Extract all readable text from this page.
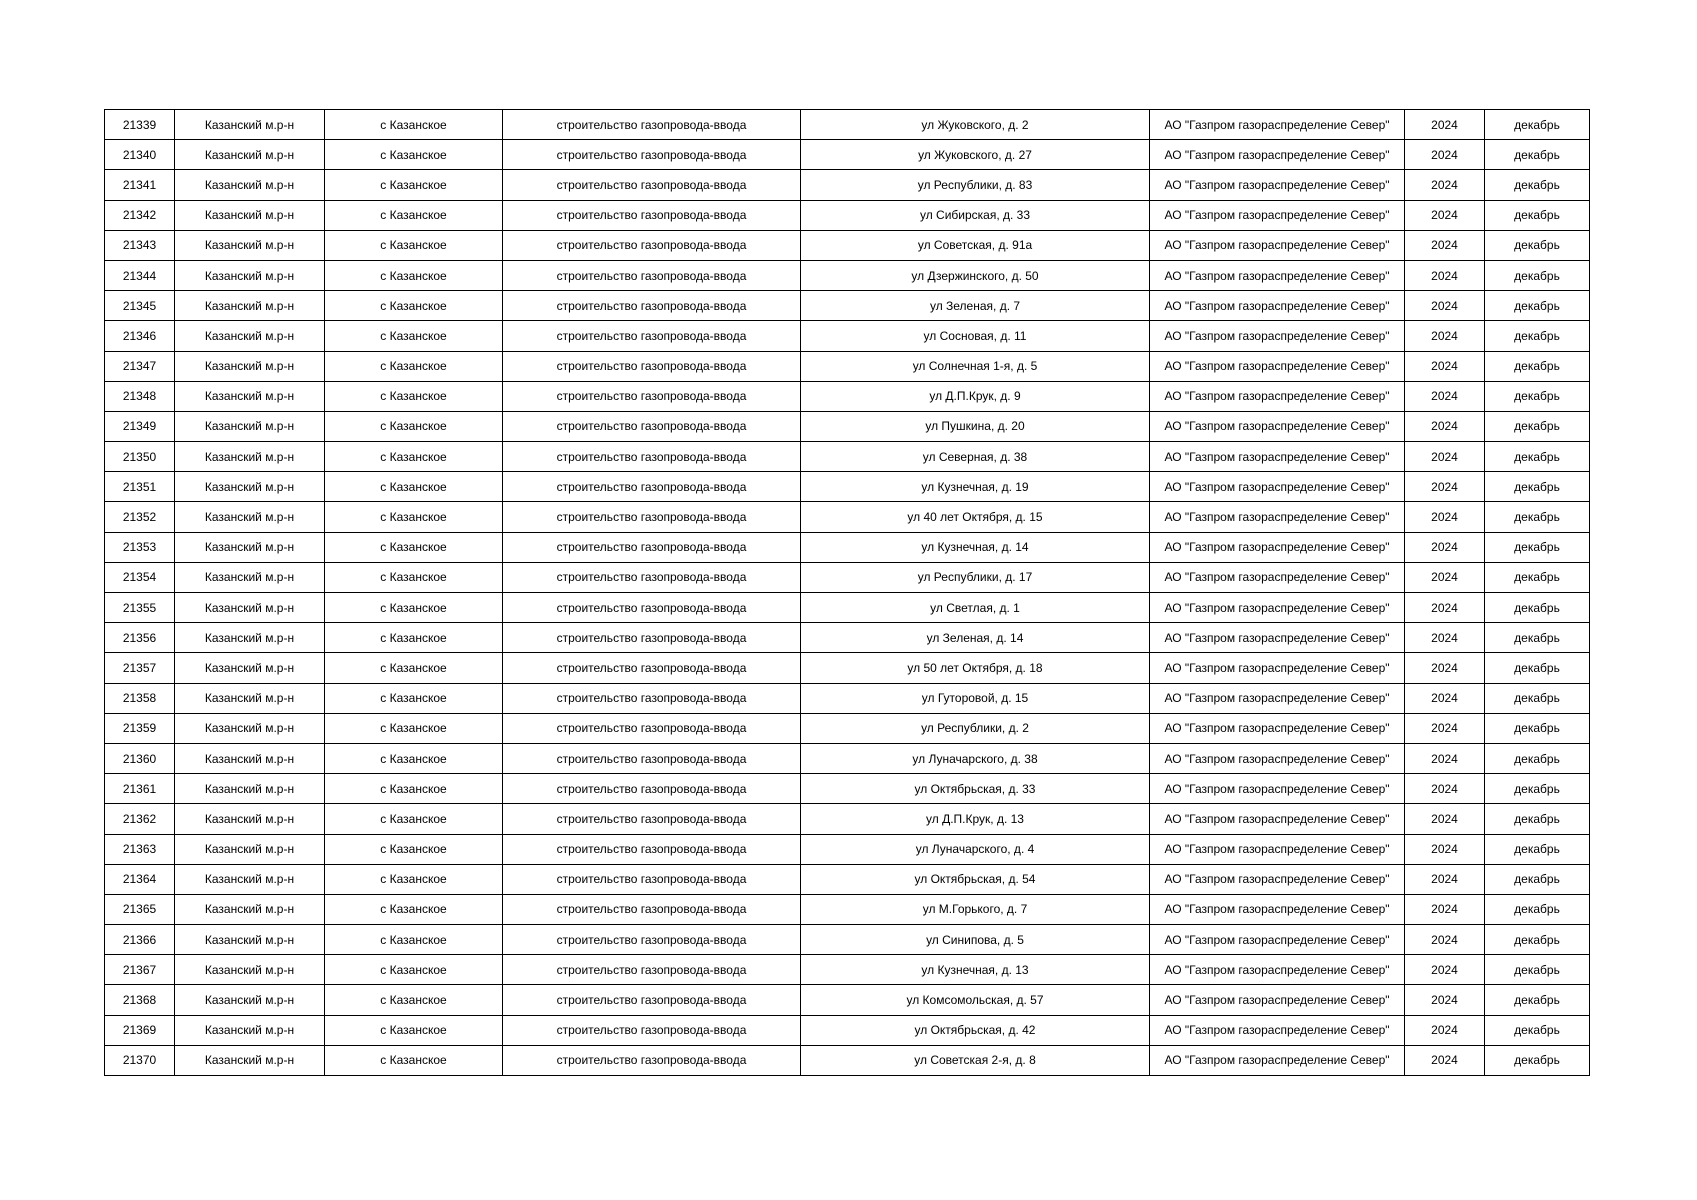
21339	Казанский м.р-н	с Казанское	строительство газопровода-ввода	ул Жуковского, д. 2	АО "Газпром газораспределение Север"	2024	декабрь
21340	Казанский м.р-н	с Казанское	строительство газопровода-ввода	ул Жуковского, д. 27	АО "Газпром газораспределение Север"	2024	декабрь
21341	Казанский м.р-н	с Казанское	строительство газопровода-ввода	ул Республики, д. 83	АО "Газпром газораспределение Север"	2024	декабрь
21342	Казанский м.р-н	с Казанское	строительство газопровода-ввода	ул Сибирская, д. 33	АО "Газпром газораспределение Север"	2024	декабрь
21343	Казанский м.р-н	с Казанское	строительство газопровода-ввода	ул Советская, д. 91а	АО "Газпром газораспределение Север"	2024	декабрь
21344	Казанский м.р-н	с Казанское	строительство газопровода-ввода	ул Дзержинского, д. 50	АО "Газпром газораспределение Север"	2024	декабрь
21345	Казанский м.р-н	с Казанское	строительство газопровода-ввода	ул Зеленая, д. 7	АО "Газпром газораспределение Север"	2024	декабрь
21346	Казанский м.р-н	с Казанское	строительство газопровода-ввода	ул Сосновая, д. 11	АО "Газпром газораспределение Север"	2024	декабрь
21347	Казанский м.р-н	с Казанское	строительство газопровода-ввода	ул Солнечная 1-я, д. 5	АО "Газпром газораспределение Север"	2024	декабрь
21348	Казанский м.р-н	с Казанское	строительство газопровода-ввода	ул Д.П.Крук, д. 9	АО "Газпром газораспределение Север"	2024	декабрь
21349	Казанский м.р-н	с Казанское	строительство газопровода-ввода	ул Пушкина, д. 20	АО "Газпром газораспределение Север"	2024	декабрь
21350	Казанский м.р-н	с Казанское	строительство газопровода-ввода	ул Северная, д. 38	АО "Газпром газораспределение Север"	2024	декабрь
21351	Казанский м.р-н	с Казанское	строительство газопровода-ввода	ул Кузнечная, д. 19	АО "Газпром газораспределение Север"	2024	декабрь
21352	Казанский м.р-н	с Казанское	строительство газопровода-ввода	ул 40 лет Октября, д. 15	АО "Газпром газораспределение Север"	2024	декабрь
21353	Казанский м.р-н	с Казанское	строительство газопровода-ввода	ул Кузнечная, д. 14	АО "Газпром газораспределение Север"	2024	декабрь
21354	Казанский м.р-н	с Казанское	строительство газопровода-ввода	ул Республики, д. 17	АО "Газпром газораспределение Север"	2024	декабрь
21355	Казанский м.р-н	с Казанское	строительство газопровода-ввода	ул Светлая, д. 1	АО "Газпром газораспределение Север"	2024	декабрь
21356	Казанский м.р-н	с Казанское	строительство газопровода-ввода	ул Зеленая, д. 14	АО "Газпром газораспределение Север"	2024	декабрь
21357	Казанский м.р-н	с Казанское	строительство газопровода-ввода	ул 50 лет Октября, д. 18	АО "Газпром газораспределение Север"	2024	декабрь
21358	Казанский м.р-н	с Казанское	строительство газопровода-ввода	ул Гуторовой, д. 15	АО "Газпром газораспределение Север"	2024	декабрь
21359	Казанский м.р-н	с Казанское	строительство газопровода-ввода	ул Республики, д. 2	АО "Газпром газораспределение Север"	2024	декабрь
21360	Казанский м.р-н	с Казанское	строительство газопровода-ввода	ул Луначарского, д. 38	АО "Газпром газораспределение Север"	2024	декабрь
21361	Казанский м.р-н	с Казанское	строительство газопровода-ввода	ул Октябрьская, д. 33	АО "Газпром газораспределение Север"	2024	декабрь
21362	Казанский м.р-н	с Казанское	строительство газопровода-ввода	ул Д.П.Крук, д. 13	АО "Газпром газораспределение Север"	2024	декабрь
21363	Казанский м.р-н	с Казанское	строительство газопровода-ввода	ул Луначарского, д. 4	АО "Газпром газораспределение Север"	2024	декабрь
21364	Казанский м.р-н	с Казанское	строительство газопровода-ввода	ул Октябрьская, д. 54	АО "Газпром газораспределение Север"	2024	декабрь
21365	Казанский м.р-н	с Казанское	строительство газопровода-ввода	ул М.Горького, д. 7	АО "Газпром газораспределение Север"	2024	декабрь
21366	Казанский м.р-н	с Казанское	строительство газопровода-ввода	ул Синипова, д. 5	АО "Газпром газораспределение Север"	2024	декабрь
21367	Казанский м.р-н	с Казанское	строительство газопровода-ввода	ул Кузнечная, д. 13	АО "Газпром газораспределение Север"	2024	декабрь
21368	Казанский м.р-н	с Казанское	строительство газопровода-ввода	ул Комсомольская, д. 57	АО "Газпром газораспределение Север"	2024	декабрь
21369	Казанский м.р-н	с Казанское	строительство газопровода-ввода	ул Октябрьская, д. 42	АО "Газпром газораспределение Север"	2024	декабрь
21370	Казанский м.р-н	с Казанское	строительство газопровода-ввода	ул Советская 2-я, д. 8	АО "Газпром газораспределение Север"	2024	декабрь
